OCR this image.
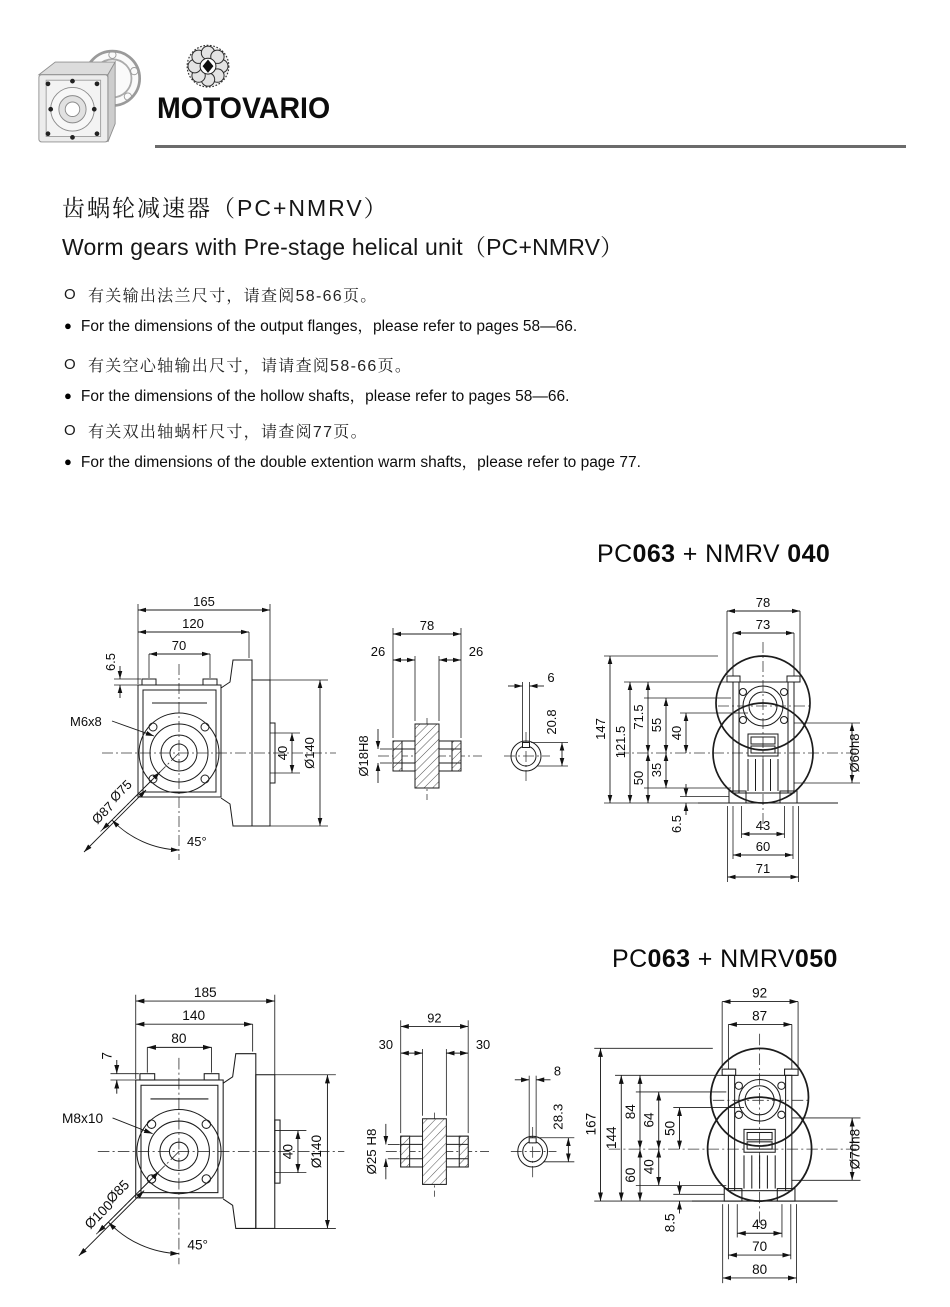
MOTOVARIO
齿蜗轮减速器（PC+NMRV）
Worm gears with Pre-stage helical unit（PC+NMRV）
O 有关输出法兰尺寸，请查阅58-66页。
● For the dimensions of the output flanges，please refer to pages 58—66.
O 有关空心轴输出尺寸，请请查阅58-66页。
● For the dimensions of the hollow shafts，please refer to pages 58—66.
O 有关双出轴蜗杆尺寸，请查阅77页。
● For the dimensions of the double extention warm shafts，please refer to page 77.
PC063 + NMRV 040
165
120
70
6.5
M6x8
40 Ø140
Ø75
Ø87
45°
78
26	26
Ø18H8
6
20.8
78
73
147 121.5
71.5 55
40
50
35
6.5
Ø60h8
43
60
71
PC063 + NMRV050
185
140
80
7
M8x10
40 Ø140
Ø85
Ø100
45°
92
30	30
Ø25 H8
8
28.3
92
87
167
144
84
64
50
60
40
8.5
Ø70h8
49
70
80
